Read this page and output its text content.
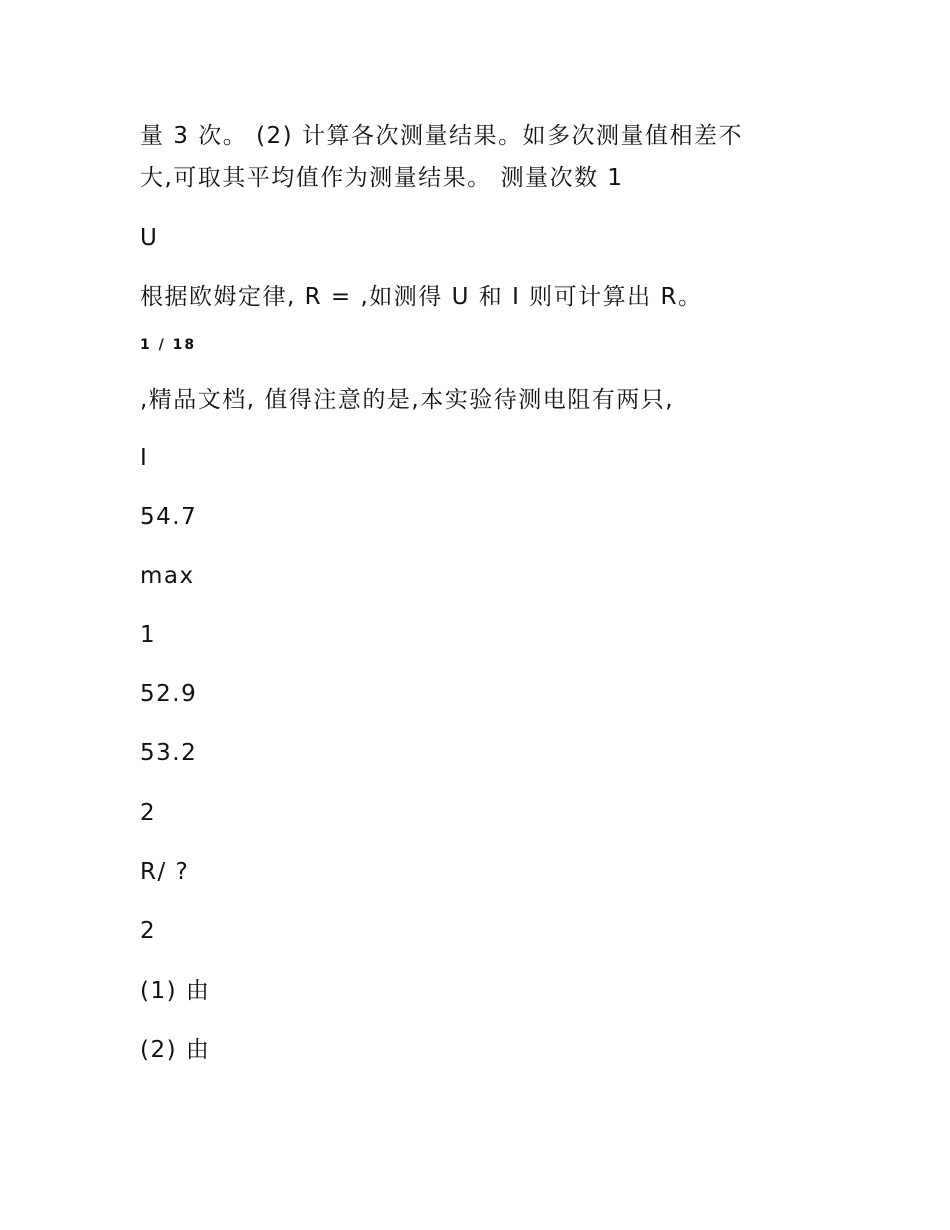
量 3 次。 (2) 计算各次测量结果。如多次测量值相差不
大,可取其平均值作为测量结果。 测量次数 1
U
根据欧姆定律, R = ,如测得 U 和 I 则可计算出 R。
1 / 18
,精品文档, 值得注意的是,本实验待测电阻有两只,
I
54.7
max
1
52.9
53.2
2
R/ ?
2
(1) 由
(2) 由
